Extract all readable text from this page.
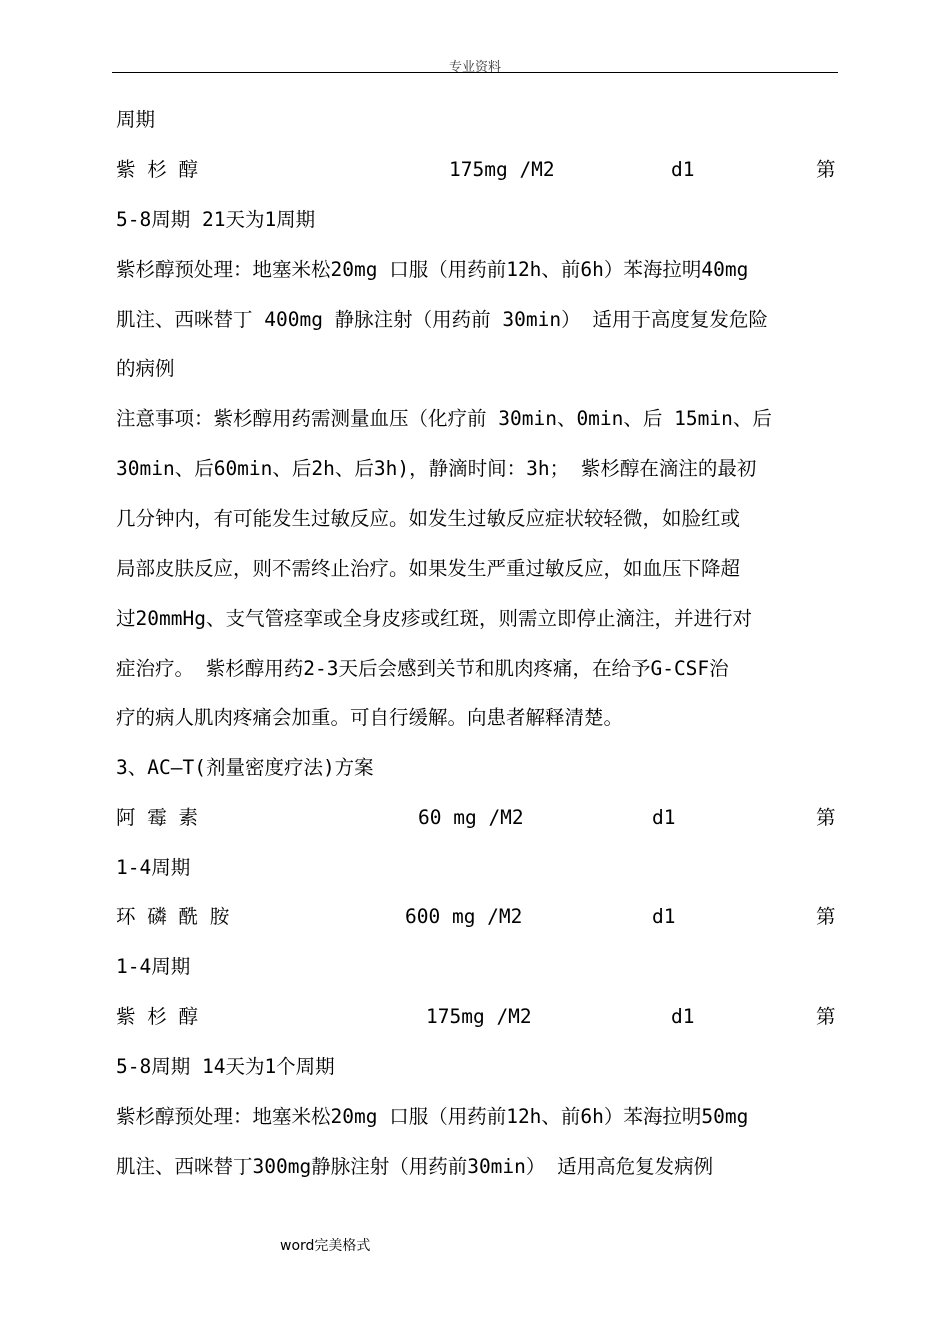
专业资料
周期
紫 杉 醇	175mg /M2	d1	第
5-8周期 21天为1周期
紫杉醇预处理：地塞米松20mg 口服（用药前12h、前6h）苯海拉明40mg
肌注、西咪替丁 400mg 静脉注射（用药前 30min） 适用于高度复发危险
的病例
注意事项：紫杉醇用药需测量血压（化疗前 30min、0min、后 15min、后
30min、后60min、后2h、后3h)，静滴时间：3h； 紫杉醇在滴注的最初
几分钟内，有可能发生过敏反应。如发生过敏反应症状较轻微，如脸红或
局部皮肤反应，则不需终止治疗。如果发生严重过敏反应，如血压下降超
过20mmHg、支气管痉挛或全身皮疹或红斑，则需立即停止滴注，并进行对
症治疗。 紫杉醇用药2-3天后会感到关节和肌肉疼痛，在给予G-CSF治
疗的病人肌肉疼痛会加重。可自行缓解。向患者解释清楚。
3、AC—T(剂量密度疗法)方案
阿 霉 素	60 mg /M2	d1	第
1-4周期
环 磷 酰 胺	600 mg /M2	d1	第
1-4周期
紫 杉 醇	175mg /M2	d1	第
5-8周期 14天为1个周期
紫杉醇预处理：地塞米松20mg 口服（用药前12h、前6h）苯海拉明50mg
肌注、西咪替丁300mg静脉注射（用药前30min） 适用高危复发病例
word完美格式
